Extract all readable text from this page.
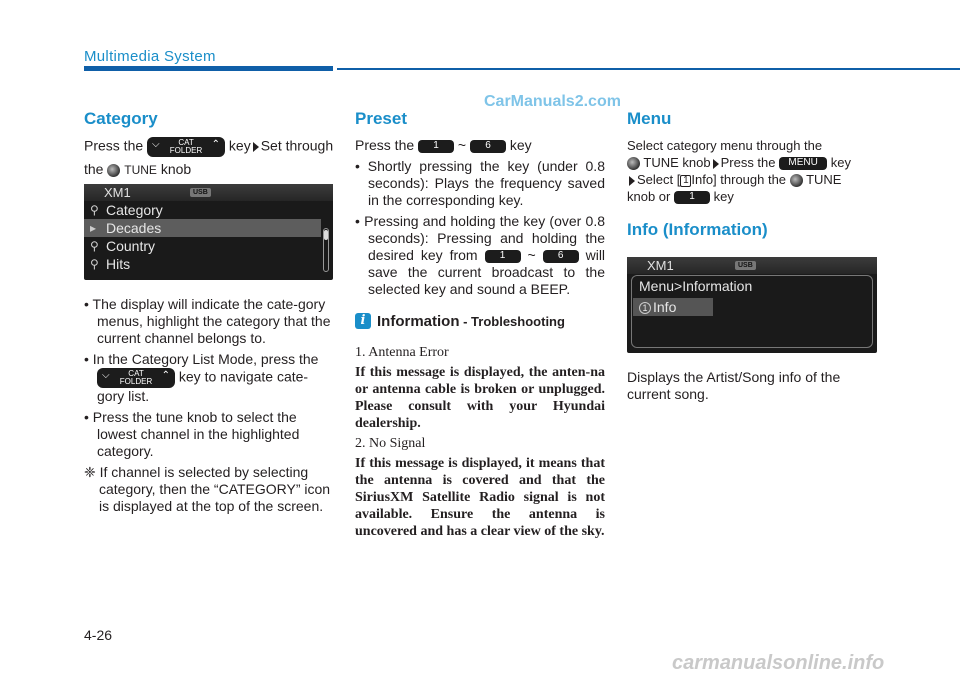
Multimedia System
CarManuals2.com
Category

Press the ⌵ CAT
FOLDER
⌃ key Set through

the TUNE knob

XM1	USB
⚲ Category
▸ Decades
⚲ Country
⚲ Hits

• The display will indicate the cate-gory menus, highlight the category that the current channel belongs to.

• In the Category List Mode, press the
⌵ CAT
FOLDER
⌃ key to navigate cate-gory list.

• Press the tune knob to select the lowest channel in the highlighted category.

❈ If channel is selected by selecting category, then the “CATEGORY” icon is displayed at the top of the screen.

Preset

Press the 1 ~ 6 key

• Shortly pressing the key (under 0.8 seconds): Plays the frequency saved in the corresponding key.

• Pressing and holding the key (over 0.8 seconds): Pressing and holding the desired key from 1 ~ 6 will save the current broadcast to the selected key and sound a BEEP.

i Information - Trobleshooting

1. Antenna Error

If this message is displayed, the anten-na or antenna cable is broken or unplugged. Please consult with your Hyundai dealership.

2. No Signal

If this message is displayed, it means that the antenna is covered and that the SiriusXM Satellite Radio signal is not available. Ensure the antenna is uncovered and has a clear view of the sky.

Menu

Select category menu through the
TUNE knob Press the MENU key
Select [ 1 Info] through the TUNE
knob or 1 key

Info (Information)
XM1	USB
Menu>Information
1 Info

Displays the Artist/Song info of the current song.

4-26
carmanualsonline.info
